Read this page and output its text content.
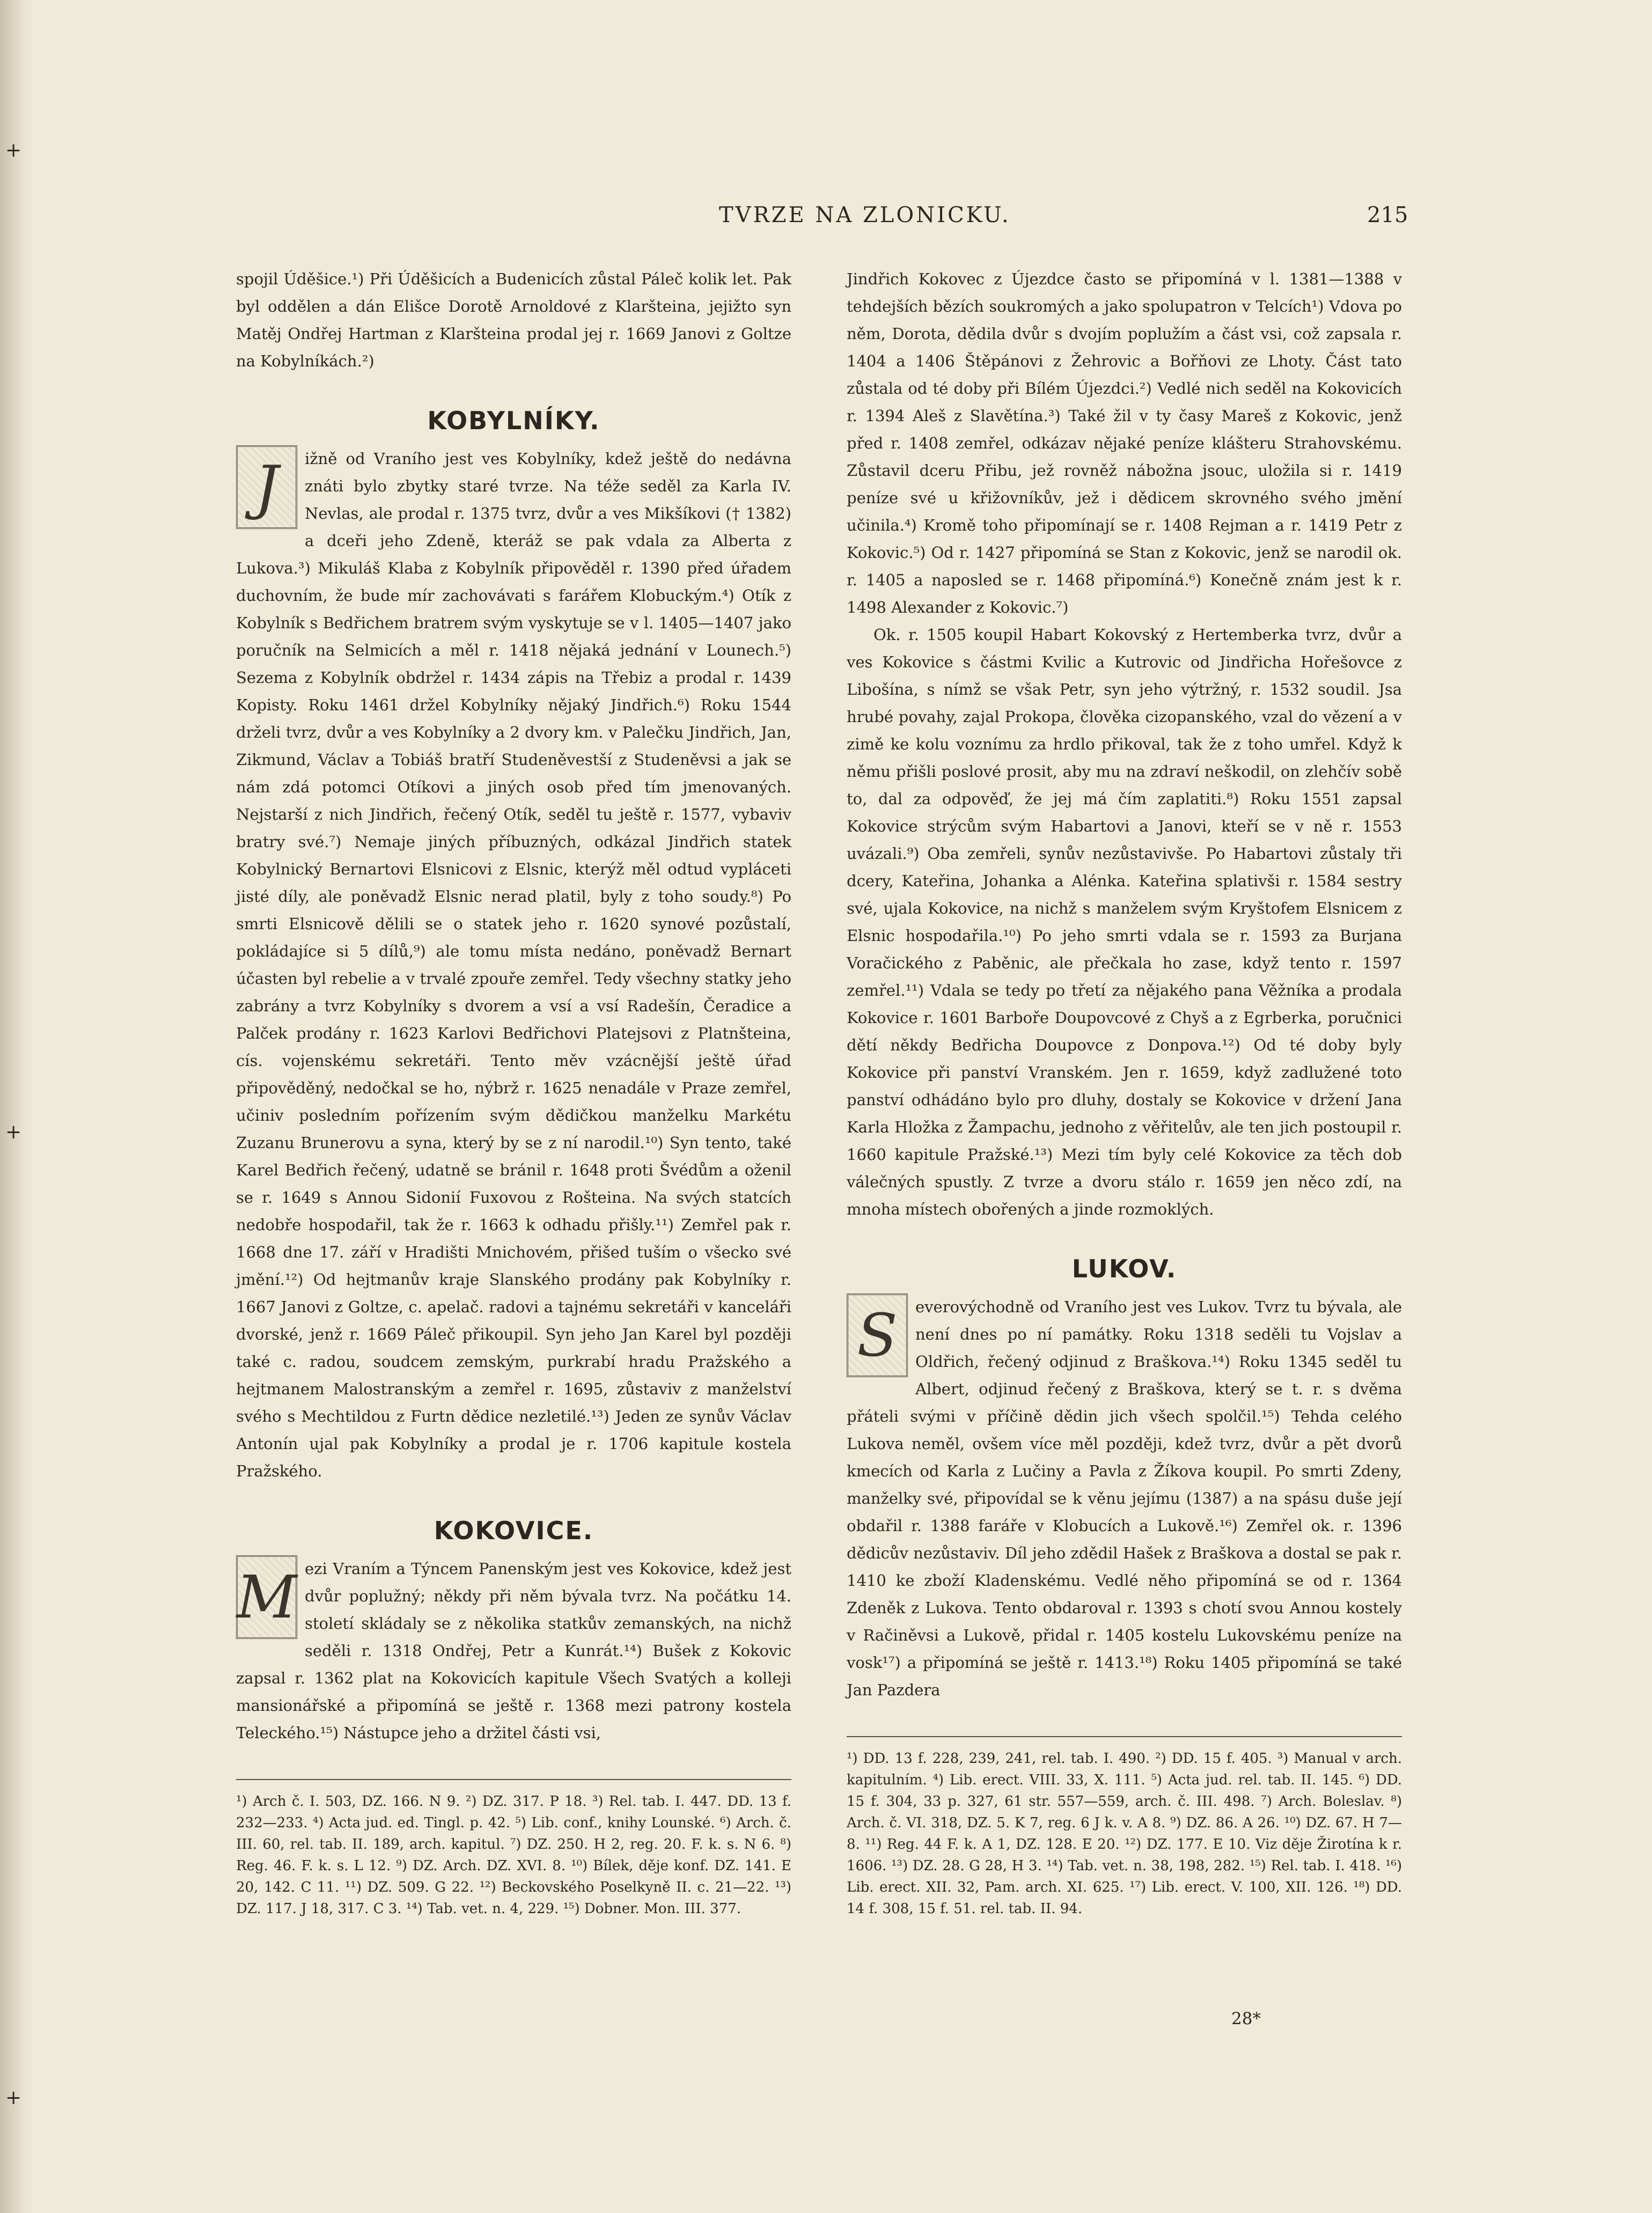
+
+
+
TVRZE NA ZLONICKU.	215

spojil Úděšice.¹) Při Úděšicích a Budenicích zůstal Páleč kolik let. Pak byl oddělen a dán Elišce Dorotě Arnoldové z Klaršteina, jejižto syn Matěj Ondřej Hartman z Klaršteina prodal jej r. 1669 Janovi z Goltze na Kobylníkách.²)

KOBYLNÍKY.

J	ižně od Vraního jest ves Kobylníky, kdež ještě do nedávna znáti bylo zbytky staré tvrze. Na téže seděl za Karla IV. Nevlas, ale prodal r. 1375 tvrz, dvůr a ves Mikšíkovi († 1382) a dceři jeho Zdeně, kteráž se pak vdala za Alberta z Lukova.³) Mikuláš Klaba z Kobylník připověděl r. 1390 před úřadem duchovním, že bude mír zachovávati s farářem Klobuckým.⁴) Otík z Kobylník s Bedřichem bratrem svým vyskytuje se v l. 1405—1407 jako poručník na Selmicích a měl r. 1418 nějaká jednání v Lounech.⁵) Sezema z Kobylník obdržel r. 1434 zápis na Třebiz a prodal r. 1439 Kopisty. Roku 1461 držel Kobylníky nějaký Jindřich.⁶) Roku 1544 drželi tvrz, dvůr a ves Kobylníky a 2 dvory km. v Palečku Jindřich, Jan, Zikmund, Václav a Tobiáš bratří Studeněvestší z Studeněvsi a jak se nám zdá potomci Otíkovi a jiných osob před tím jmenovaných. Nejstarší z nich Jindřich, řečený Otík, seděl tu ještě r. 1577, vybaviv bratry své.⁷) Nemaje jiných příbuzných, odkázal Jindřich statek Kobylnický Bernartovi Elsnicovi z Elsnic, kterýž měl odtud vypláceti jisté díly, ale poněvadž Elsnic nerad platil, byly z toho soudy.⁸) Po smrti Elsnicově dělili se o statek jeho r. 1620 synové pozůstalí, pokládajíce si 5 dílů,⁹) ale tomu místa nedáno, poněvadž Bernart účasten byl rebelie a v trvalé zpouře zemřel. Tedy všechny statky jeho zabrány a tvrz Kobylníky s dvorem a vsí a vsí Radešín, Čeradice a Palček prodány r. 1623 Karlovi Bedřichovi Platejsovi z Platnšteina, cís. vojenskému sekretáři. Tento měv vzácnější ještě úřad připověděný, nedočkal se ho, nýbrž r. 1625 nenadále v Praze zemřel, učiniv posledním pořízením svým dědičkou manželku Markétu Zuzanu Brunerovu a syna, který by se z ní narodil.¹⁰) Syn tento, také Karel Bedřich řečený, udatně se bránil r. 1648 proti Švédům a oženil se r. 1649 s Annou Sidonií Fuxovou z Rošteina. Na svých statcích nedobře hospodařil, tak že r. 1663 k odhadu přišly.¹¹) Zemřel pak r. 1668 dne 17. září v Hradišti Mnichovém, přišed tuším o všecko své jmění.¹²) Od hejtmanův kraje Slanského prodány pak Kobylníky r. 1667 Janovi z Goltze, c. apelač. radovi a tajnému sekretáři v kanceláři dvorské, jenž r. 1669 Páleč přikoupil. Syn jeho Jan Karel byl později také c. radou, soudcem zemským, purkrabí hradu Pražského a hejtmanem Malostranským a zemřel r. 1695, zůstaviv z manželství svého s Mechtildou z Furtn dědice nezletilé.¹³) Jeden ze synův Václav Antonín ujal pak Kobylníky a prodal je r. 1706 kapitule kostela Pražského.

KOKOVICE.

M ezi Vraním a Týncem Panenským jest ves Kokovice, kdež jest dvůr poplužný; někdy při něm bývala tvrz. Na počátku 14. století skládaly se z několika statkův zemanských, na nichž seděli r. 1318 Ondřej, Petr a Kunrát.¹⁴) Bušek z Kokovic zapsal r. 1362 plat na Kokovicích kapitule Všech Svatých a kolleji mansionářské a připomíná se ještě r. 1368 mezi patrony kostela Teleckého.¹⁵) Nástupce jeho a držitel části vsi,

¹) Arch č. I. 503, DZ. 166. N 9. ²) DZ. 317. P 18. ³) Rel. tab. I. 447. DD. 13 f. 232—233. ⁴) Acta jud. ed. Tingl. p. 42. ⁵) Lib. conf., knihy Lounské. ⁶) Arch. č. III. 60, rel. tab. II. 189, arch. kapitul. ⁷) DZ. 250. H 2, reg. 20. F. k. s. N 6. ⁸) Reg. 46. F. k. s. L 12. ⁹) DZ. Arch. DZ. XVI. 8. ¹⁰) Bílek, děje konf. DZ. 141. E 20, 142. C 11. ¹¹) DZ. 509. G 22. ¹²) Beckovského Poselkyně II. c. 21—22. ¹³) DZ. 117. J 18, 317. C 3. ¹⁴) Tab. vet. n. 4, 229. ¹⁵) Dobner. Mon. III. 377.

Jindřich Kokovec z Újezdce často se připomíná v l. 1381—1388 v tehdejších bězích soukromých a jako spolupatron v Telcích¹) Vdova po něm, Dorota, dědila dvůr s dvojím poplužím a část vsi, což zapsala r. 1404 a 1406 Štěpánovi z Žehrovic a Bořňovi ze Lhoty. Část tato zůstala od té doby při Bílém Újezdci.²) Vedlé nich seděl na Kokovicích r. 1394 Aleš z Slavětína.³) Také žil v ty časy Mareš z Kokovic, jenž před r. 1408 zemřel, odkázav nějaké peníze klášteru Strahovskému. Zůstavil dceru Přibu, jež rovněž nábožna jsouc, uložila si r. 1419 peníze své u křižovníkův, jež i dědicem skrovného svého jmění učinila.⁴) Kromě toho připomínají se r. 1408 Rejman a r. 1419 Petr z Kokovic.⁵) Od r. 1427 připomíná se Stan z Kokovic, jenž se narodil ok. r. 1405 a naposled se r. 1468 připomíná.⁶) Konečně znám jest k r. 1498 Alexander z Kokovic.⁷)

Ok. r. 1505 koupil Habart Kokovský z Hertemberka tvrz, dvůr a ves Kokovice s částmi Kvilic a Kutrovic od Jindřicha Hořešovce z Libošína, s nímž se však Petr, syn jeho výtržný, r. 1532 soudil. Jsa hrubé povahy, zajal Prokopa, člověka cizopanského, vzal do vězení a v zimě ke kolu voznímu za hrdlo přikoval, tak že z toho umřel. Když k němu přišli poslové prosit, aby mu na zdraví neškodil, on zlehčív sobě to, dal za odpověď, že jej má čím zaplatiti.⁸) Roku 1551 zapsal Kokovice strýcům svým Habartovi a Janovi, kteří se v ně r. 1553 uvázali.⁹) Oba zemřeli, synův nezůstavivše. Po Habartovi zůstaly tři dcery, Kateřina, Johanka a Alénka. Kateřina splativši r. 1584 sestry své, ujala Kokovice, na nichž s manželem svým Kryštofem Elsnicem z Elsnic hospodařila.¹⁰) Po jeho smrti vdala se r. 1593 za Burjana Voračického z Paběnic, ale přečkala ho zase, když tento r. 1597 zemřel.¹¹) Vdala se tedy po třetí za nějakého pana Věžníka a prodala Kokovice r. 1601 Barboře Doupovcové z Chyš a z Egrberka, poručnici dětí někdy Bedřicha Doupovce z Donpova.¹²) Od té doby byly Kokovice při panství Vranském. Jen r. 1659, když zadlužené toto panství odhádáno bylo pro dluhy, dostaly se Kokovice v držení Jana Karla Hložka z Žampachu, jednoho z věřitelův, ale ten jich postoupil r. 1660 kapitule Pražské.¹³) Mezi tím byly celé Kokovice za těch dob válečných spustly. Z tvrze a dvoru stálo r. 1659 jen něco zdí, na mnoha místech obořených a jinde rozmoklých.

LUKOV.

S	everovýchodně od Vraního jest ves Lukov. Tvrz tu bývala, ale není dnes po ní památky. Roku 1318 seděli tu Vojslav a Oldřich, řečený odjinud z Braškova.¹⁴) Roku 1345 seděl tu Albert, odjinud řečený z Braškova, který se t. r. s dvěma přáteli svými v příčině dědin jich všech spolčil.¹⁵) Tehda celého Lukova neměl, ovšem více měl později, kdež tvrz, dvůr a pět dvorů kmecích od Karla z Lučiny a Pavla z Žíkova koupil. Po smrti Zdeny, manželky své, připovídal se k věnu jejímu (1387) a na spásu duše její obdařil r. 1388 faráře v Klobucích a Lukově.¹⁶) Zemřel ok. r. 1396 dědicův nezůstaviv. Díl jeho zdědil Hašek z Braškova a dostal se pak r. 1410 ke zboží Kladenskému. Vedlé něho připomíná se od r. 1364 Zdeněk z Lukova. Tento obdaroval r. 1393 s chotí svou Annou kostely v Račiněvsi a Lukově, přidal r. 1405 kostelu Lukovskému peníze na vosk¹⁷) a připomíná se ještě r. 1413.¹⁸) Roku 1405 připomíná se také Jan Pazdera

¹) DD. 13 f. 228, 239, 241, rel. tab. I. 490. ²) DD. 15 f. 405. ³) Manual v arch. kapitulním. ⁴) Lib. erect. VIII. 33, X. 111. ⁵) Acta jud. rel. tab. II. 145. ⁶) DD. 15 f. 304, 33 p. 327, 61 str. 557—559, arch. č. III. 498. ⁷) Arch. Boleslav. ⁸) Arch. č. VI. 318, DZ. 5. K 7, reg. 6 J k. v. A 8. ⁹) DZ. 86. A 26. ¹⁰) DZ. 67. H 7—8. ¹¹) Reg. 44 F. k. A 1, DZ. 128. E 20. ¹²) DZ. 177. E 10. Viz děje Žirotína k r. 1606. ¹³) DZ. 28. G 28, H 3. ¹⁴) Tab. vet. n. 38, 198, 282. ¹⁵) Rel. tab. I. 418. ¹⁶) Lib. erect. XII. 32, Pam. arch. XI. 625. ¹⁷) Lib. erect. V. 100, XII. 126. ¹⁸) DD. 14 f. 308, 15 f. 51. rel. tab. II. 94.
28*
